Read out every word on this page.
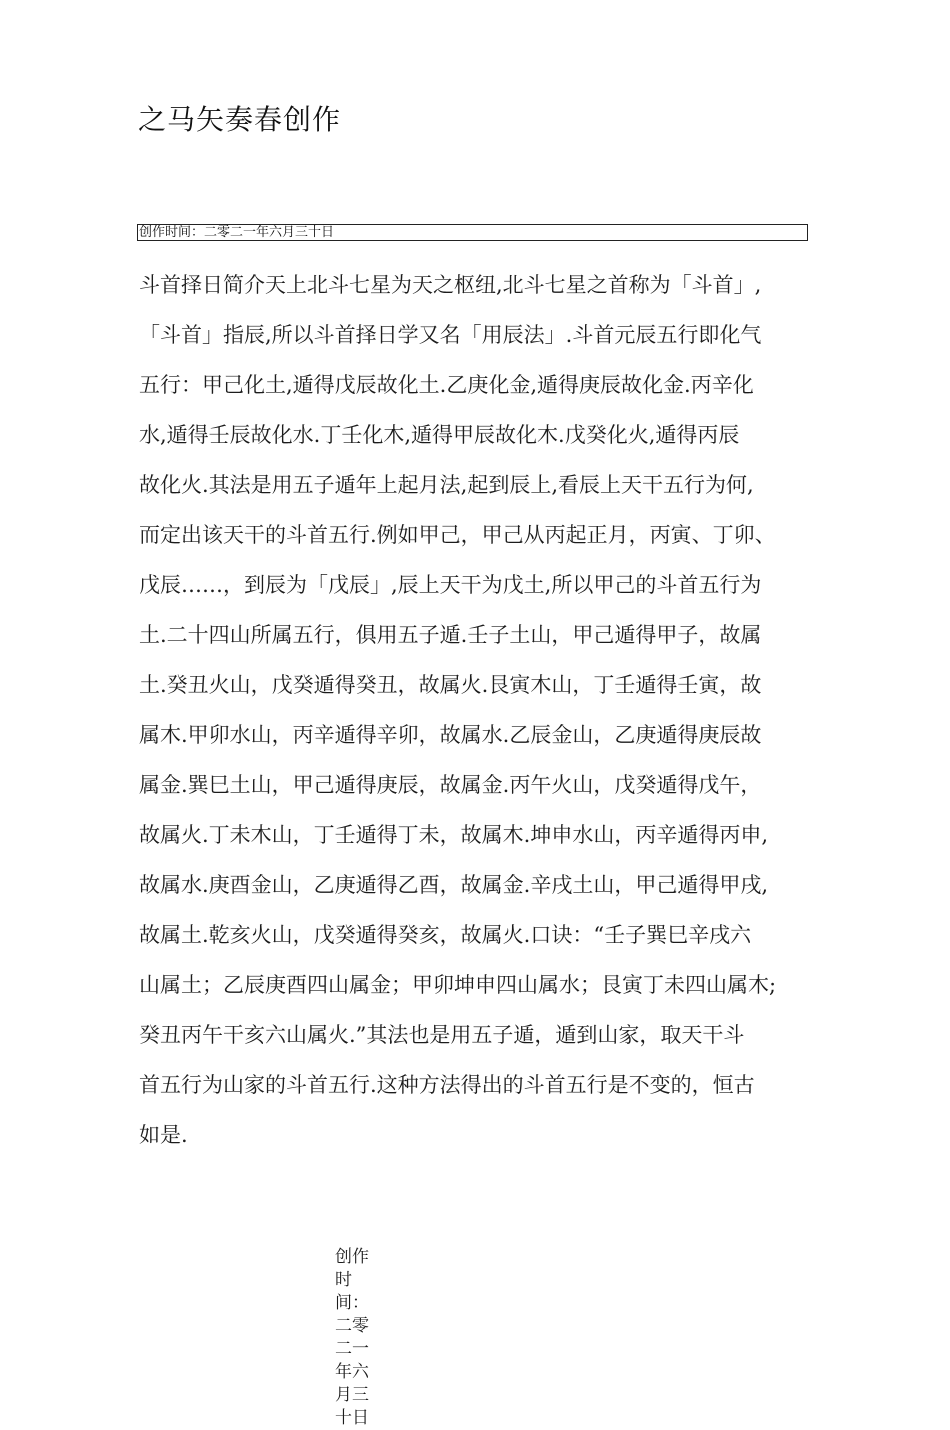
之马矢奏春创作
创作时间：二零二一年六月三十日
斗首择日简介天上北斗七星为天之枢纽,北斗七星之首称为「斗首」,
「斗首」指辰,所以斗首择日学又名「用辰法」.斗首元辰五行即化气
五行：甲己化土,遁得戊辰故化土.乙庚化金,遁得庚辰故化金.丙辛化
水,遁得壬辰故化水.丁壬化木,遁得甲辰故化木.戊癸化火,遁得丙辰
故化火.其法是用五子遁年上起月法,起到辰上,看辰上天干五行为何,
而定出该天干的斗首五行.例如甲己，甲己从丙起正月，丙寅、丁卯、
戊辰……，到辰为「戊辰」,辰上天干为戊土,所以甲己的斗首五行为
土.二十四山所属五行，俱用五子遁.壬子土山，甲己遁得甲子，故属
土.癸丑火山，戊癸遁得癸丑，故属火.艮寅木山，丁壬遁得壬寅，故
属木.甲卯水山，丙辛遁得辛卯，故属水.乙辰金山，乙庚遁得庚辰故
属金.巽巳土山，甲己遁得庚辰，故属金.丙午火山，戊癸遁得戊午，
故属火.丁未木山，丁壬遁得丁未，故属木.坤申水山，丙辛遁得丙申,
故属水.庚酉金山，乙庚遁得乙酉，故属金.辛戌土山，甲己遁得甲戌,
故属土.乾亥火山，戊癸遁得癸亥，故属火.口诀：“壬子巽巳辛戌六
山属土；乙辰庚酉四山属金；甲卯坤申四山属水；艮寅丁未四山属木;
癸丑丙午干亥六山属火.”其法也是用五子遁，遁到山家，取天干斗
首五行为山家的斗首五行.这种方法得出的斗首五行是不变的，恒古
如是.
创作时间：二零二一年六月三十日
